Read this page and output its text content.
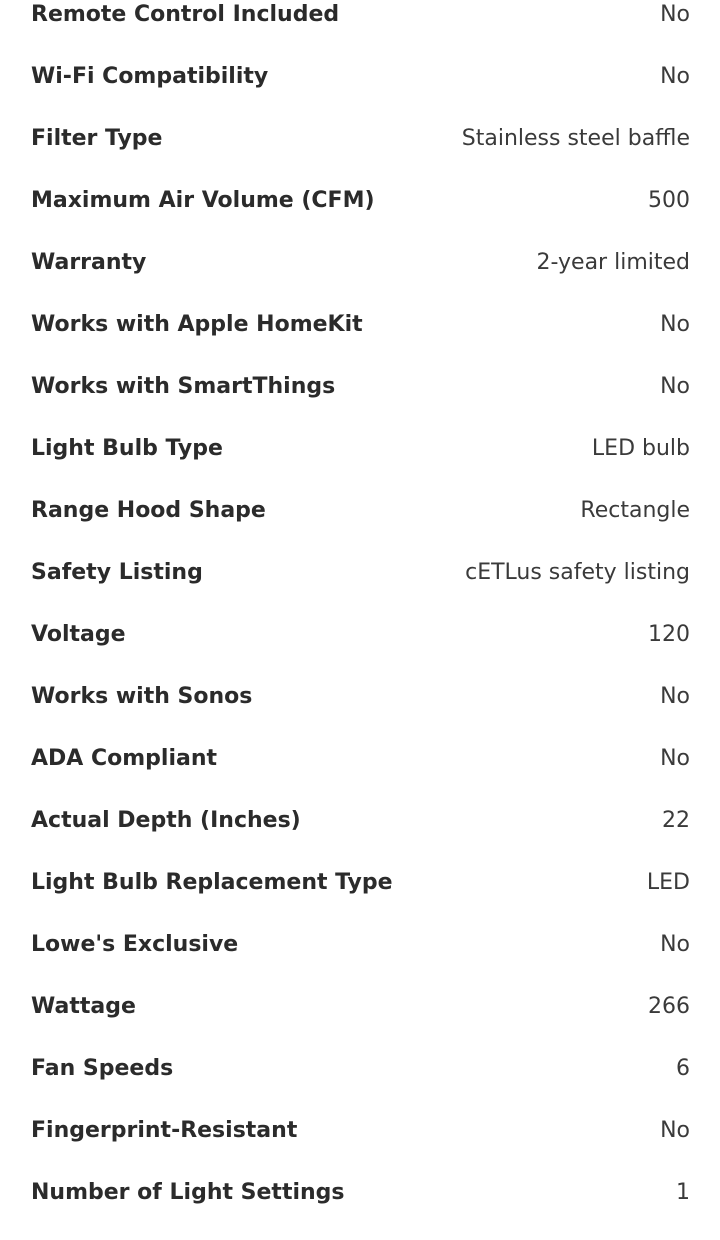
Remote Control Included	No
Wi-Fi Compatibility	No
Filter Type	Stainless steel baffle
Maximum Air Volume (CFM)	500
Warranty	2-year limited
Works with Apple HomeKit	No
Works with SmartThings	No
Light Bulb Type	LED bulb
Range Hood Shape	Rectangle
Safety Listing	cETLus safety listing
Voltage	120
Works with Sonos	No
ADA Compliant	No
Actual Depth (Inches)	22
Light Bulb Replacement Type	LED
Lowe's Exclusive	No
Wattage	266
Fan Speeds	6
Fingerprint-Resistant	No
Number of Light Settings	1
